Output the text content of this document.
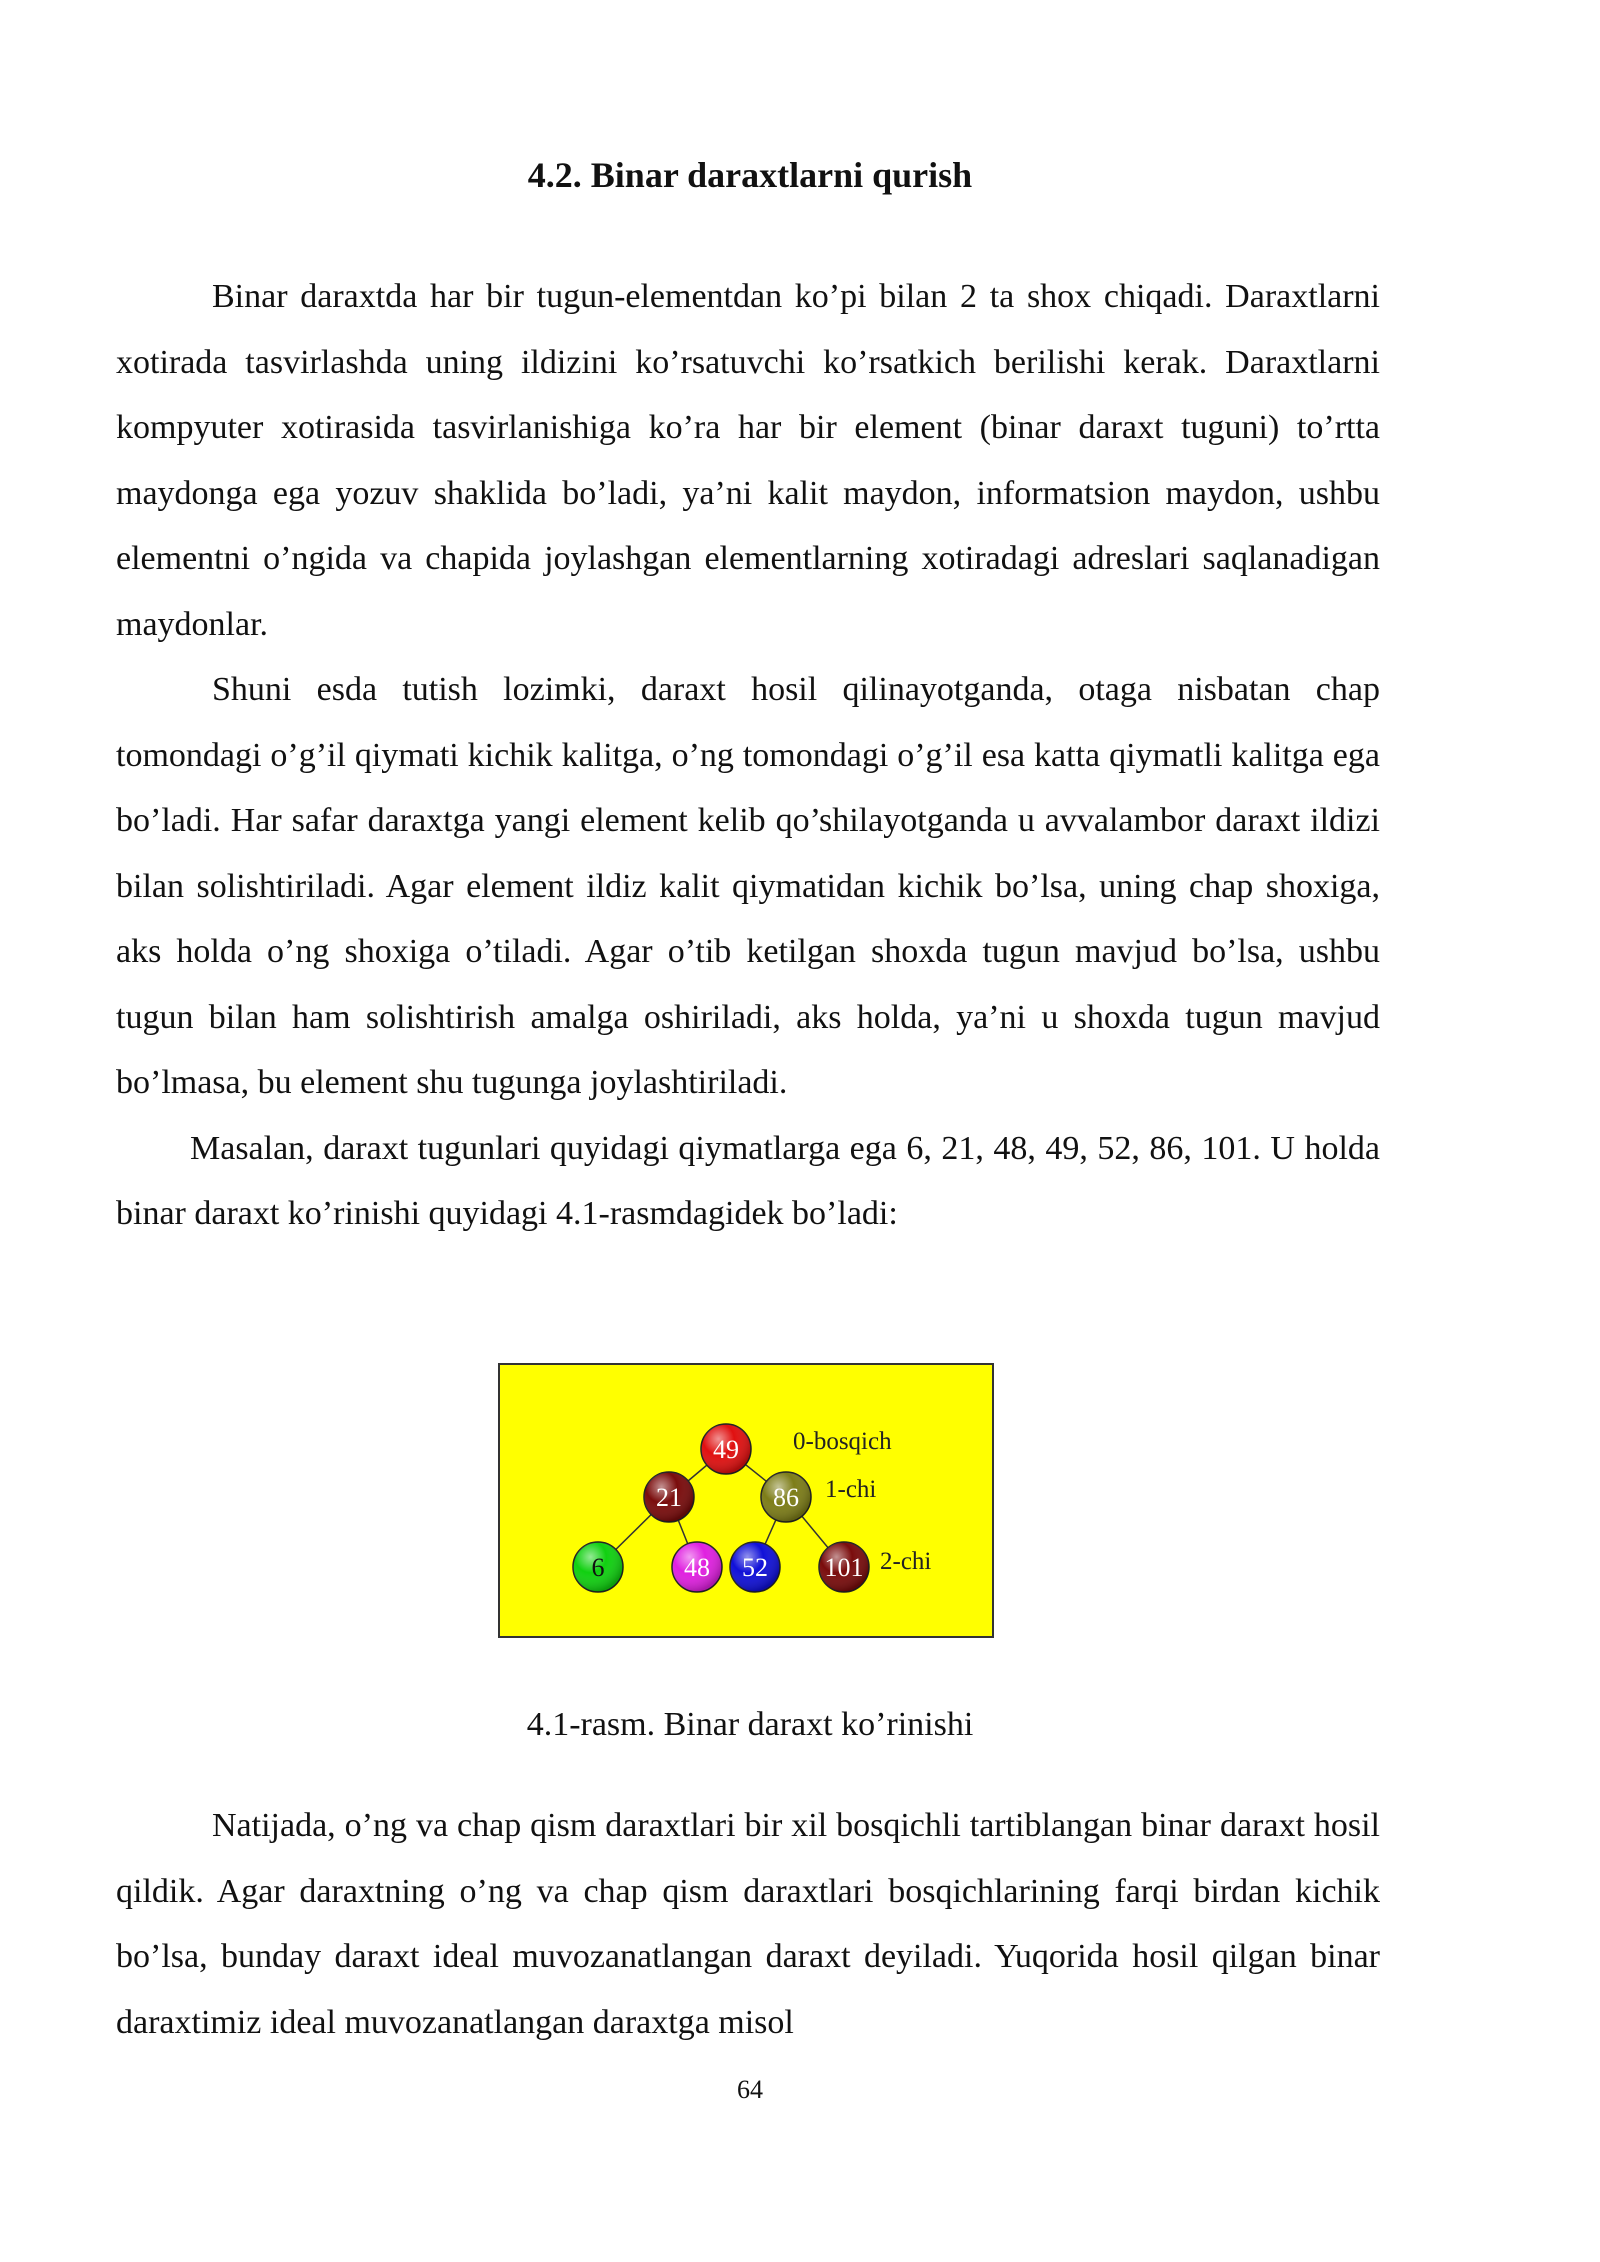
4.2. Binar daraxtlarni qurish

Binar daraxtda har bir tugun-elementdan ko’pi bilan 2 ta shox chiqadi. Daraxtlarni xotirada tasvirlashda uning ildizini ko’rsatuvchi ko’rsatkich berilishi kerak. Daraxtlarni kompyuter xotirasida tasvirlanishiga ko’ra har bir element (binar daraxt tuguni) to’rtta maydonga ega yozuv shaklida bo’ladi, ya’ni kalit maydon, informatsion maydon, ushbu elementni o’ngida va chapida joylashgan elementlarning xotiradagi adreslari saqlanadigan maydonlar.

Shuni esda tutish lozimki, daraxt hosil qilinayotganda, otaga nisbatan chap tomondagi o’g’il qiymati kichik kalitga, o’ng tomondagi o’g’il esa katta qiymatli kalitga ega bo’ladi. Har safar daraxtga yangi element kelib qo’shilayotganda u avvalambor daraxt ildizi bilan solishtiriladi. Agar element ildiz kalit qiymatidan kichik bo’lsa, uning chap shoxiga, aks holda o’ng shoxiga o’tiladi. Agar o’tib ketilgan shoxda tugun mavjud bo’lsa, ushbu tugun bilan ham solishtirish amalga oshiriladi, aks holda, ya’ni u shoxda tugun mavjud bo’lmasa, bu element shu tugunga joylashtiriladi.

Masalan, daraxt tugunlari quyidagi qiymatlarga ega 6, 21, 48, 49, 52, 86, 101. U holda binar daraxt ko’rinishi quyidagi 4.1-rasmdagidek bo’ladi:

49
21	86
6	48 52 101
0-bosqich
1-chi
2-chi

4.1-rasm. Binar daraxt ko’rinishi

Natijada, o’ng va chap qism daraxtlari bir xil bosqichli tartiblangan binar daraxt hosil qildik. Agar daraxtning o’ng va chap qism daraxtlari bosqichlarining farqi birdan kichik bo’lsa, bunday daraxt ideal muvozanatlangan daraxt deyiladi. Yuqorida hosil qilgan binar daraxtimiz ideal muvozanatlangan daraxtga misol

64
